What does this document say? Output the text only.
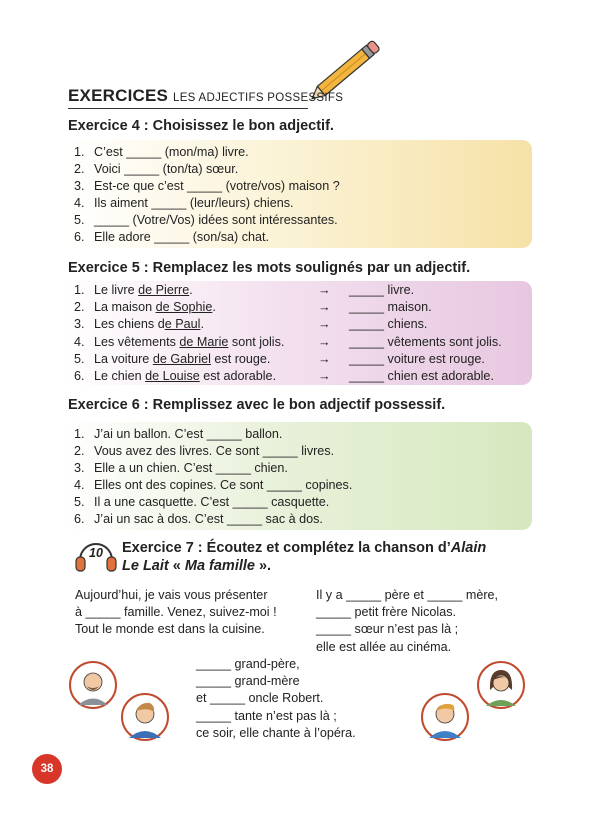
EXERCICES LES ADJECTIFS POSSESSIFS
Exercice 4 : Choisissez le bon adjectif.
1. C’est _____ (mon/ma) livre.
2. Voici _____ (ton/ta) sœur.
3. Est-ce que c’est _____ (votre/vos) maison ?
4. Ils aiment _____ (leur/leurs) chiens.
5. _____ (Votre/Vos) idées sont intéressantes.
6. Elle adore _____ (son/sa) chat.
Exercice 5 : Remplacez les mots soulignés par un adjectif.
1. Le livre de Pierre.
2. La maison de Sophie.
3. Les chiens de Paul.
4. Les vêtements de Marie sont jolis.
5. La voiture de Gabriel est rouge.
6. Le chien de Louise est adorable.
→
→
→
→
→
→
_____ livre.
_____ maison.
_____ chiens.
_____ vêtements sont jolis.
_____ voiture est rouge.
_____ chien est adorable.
Exercice 6 : Remplissez avec le bon adjectif possessif.
1. J’ai un ballon. C’est _____ ballon.
2. Vous avez des livres. Ce sont _____ livres.
3. Elle a un chien. C’est _____ chien.
4. Elles ont des copines. Ce sont _____ copines.
5. Il a une casquette. C’est _____ casquette.
6. J’ai un sac à dos. C’est _____ sac à dos.
10 Exercice 7 : Écoutez et complétez la chanson d’Alain
Le Lait « Ma famille ».
Aujourd’hui, je vais vous présenter
à _____ famille. Venez, suivez-moi !
Tout le monde est dans la cuisine.
Il y a _____ père et _____ mère,
_____ petit frère Nicolas.
_____ sœur n’est pas là ;
elle est allée au cinéma.
_____ grand-père,
_____ grand-mère
et _____ oncle Robert.
_____ tante n’est pas là ;
ce soir, elle chante à l’opéra.
38
